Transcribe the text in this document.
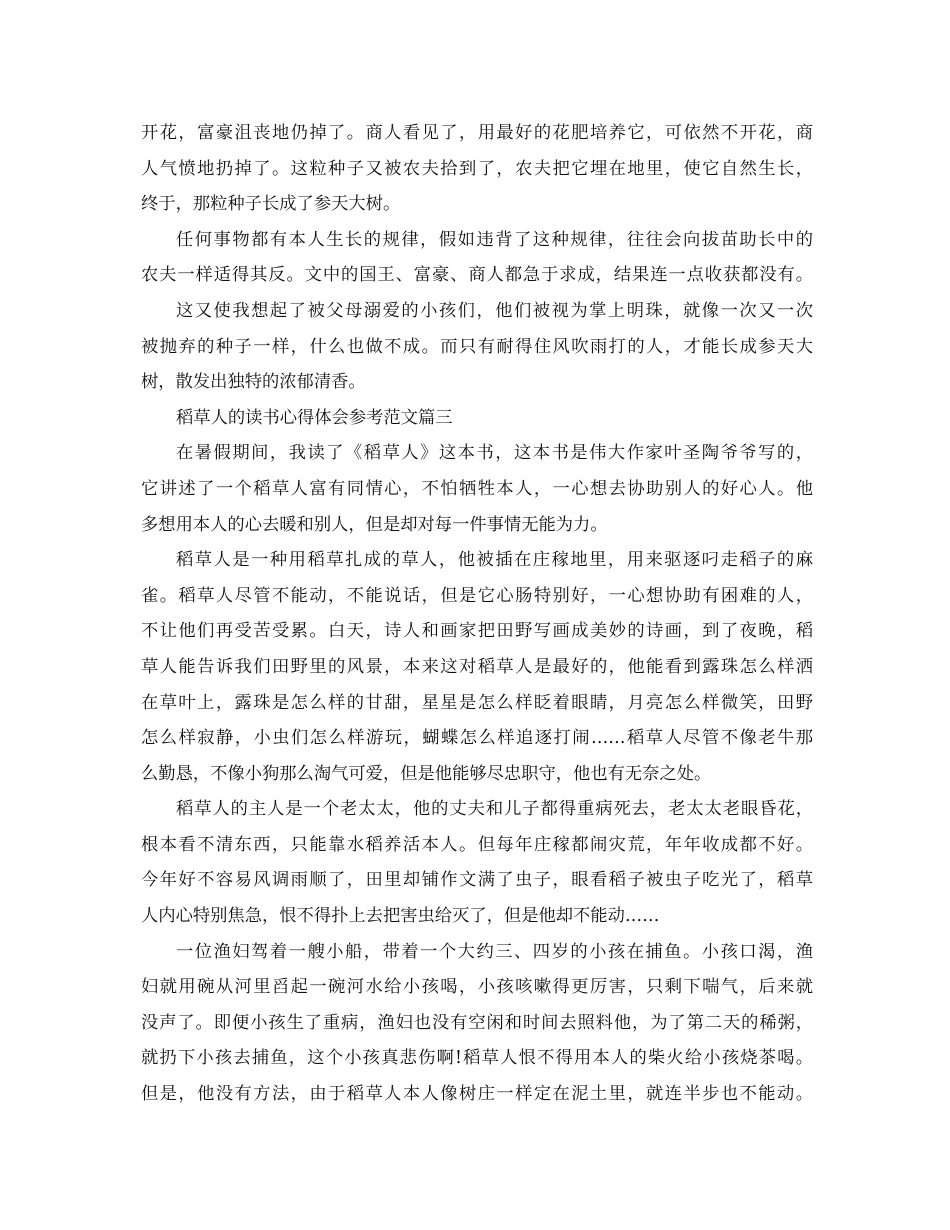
开花，富豪沮丧地仍掉了。商人看见了，用最好的花肥培养它，可依然不开花，商
人气愤地扔掉了。这粒种子又被农夫拾到了，农夫把它埋在地里，使它自然生长，
终于，那粒种子长成了参天大树。
任何事物都有本人生长的规律，假如违背了这种规律，往往会向拔苗助长中的
农夫一样适得其反。文中的国王、富豪、商人都急于求成，结果连一点收获都没有。
这又使我想起了被父母溺爱的小孩们，他们被视为掌上明珠，就像一次又一次
被抛弃的种子一样，什么也做不成。而只有耐得住风吹雨打的人，才能长成参天大
树，散发出独特的浓郁清香。
稻草人的读书心得体会参考范文篇三
在暑假期间，我读了《稻草人》这本书，这本书是伟大作家叶圣陶爷爷写的，
它讲述了一个稻草人富有同情心，不怕牺牲本人，一心想去协助别人的好心人。他
多想用本人的心去暖和别人，但是却对每一件事情无能为力。
稻草人是一种用稻草扎成的草人，他被插在庄稼地里，用来驱逐叼走稻子的麻
雀。稻草人尽管不能动，不能说话，但是它心肠特别好，一心想协助有困难的人，
不让他们再受苦受累。白天，诗人和画家把田野写画成美妙的诗画，到了夜晚，稻
草人能告诉我们田野里的风景，本来这对稻草人是最好的，他能看到露珠怎么样洒
在草叶上，露珠是怎么样的甘甜，星星是怎么样眨着眼睛，月亮怎么样微笑，田野
怎么样寂静，小虫们怎么样游玩，蝴蝶怎么样追逐打闹……稻草人尽管不像老牛那
么勤恳，不像小狗那么淘气可爱，但是他能够尽忠职守，他也有无奈之处。
稻草人的主人是一个老太太，他的丈夫和儿子都得重病死去，老太太老眼昏花，
根本看不清东西，只能靠水稻养活本人。但每年庄稼都闹灾荒，年年收成都不好。
今年好不容易风调雨顺了，田里却铺作文满了虫子，眼看稻子被虫子吃光了，稻草
人内心特别焦急，恨不得扑上去把害虫给灭了，但是他却不能动……
一位渔妇驾着一艘小船，带着一个大约三、四岁的小孩在捕鱼。小孩口渴，渔
妇就用碗从河里舀起一碗河水给小孩喝，小孩咳嗽得更厉害，只剩下喘气，后来就
没声了。即便小孩生了重病，渔妇也没有空闲和时间去照料他，为了第二天的稀粥，
就扔下小孩去捕鱼，这个小孩真悲伤啊!稻草人恨不得用本人的柴火给小孩烧茶喝。
但是，他没有方法，由于稻草人本人像树庄一样定在泥土里，就连半步也不能动。
